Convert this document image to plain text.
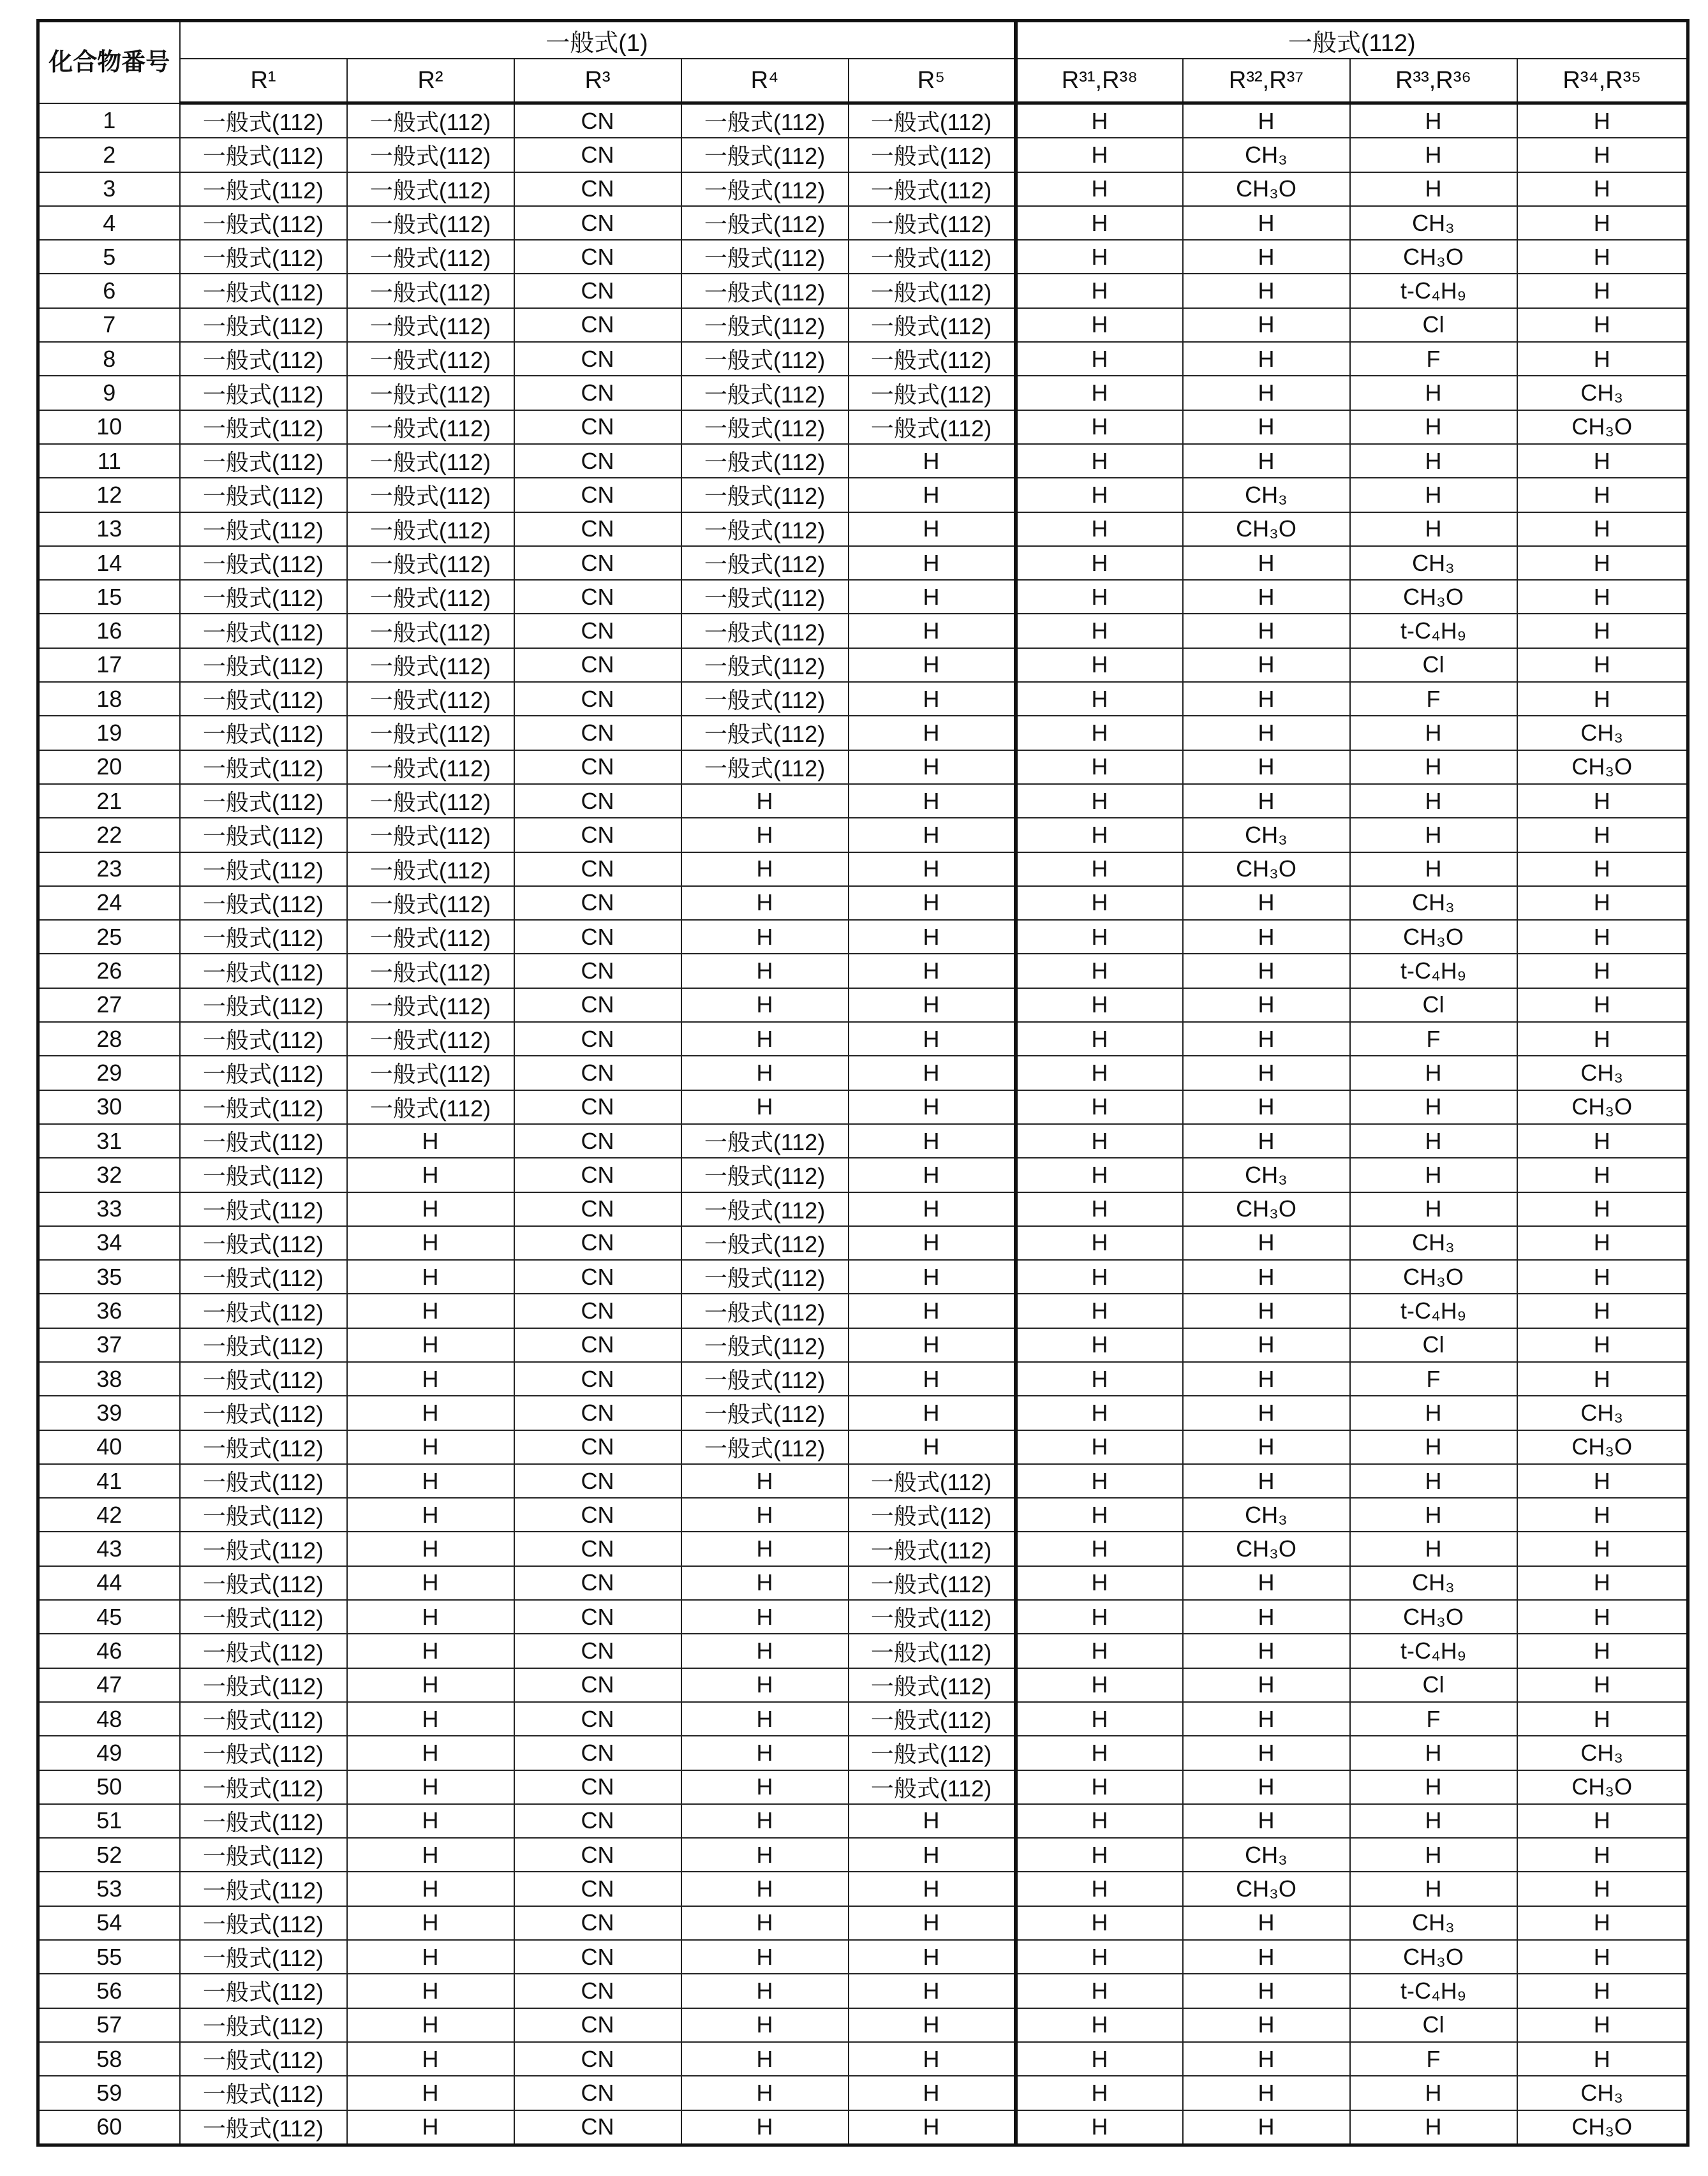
化合物番号	一般式(1)	一般式(112)
R¹	R²	R³	R⁴	R⁵	R³¹,R³⁸	R³²,R³⁷	R³³,R³⁶	R³⁴,R³⁵
1	一般式(112)	一般式(112)	CN	一般式(112)	一般式(112)	H	H	H	H
2	一般式(112)	一般式(112)	CN	一般式(112)	一般式(112)	H	CH₃	H	H
3	一般式(112)	一般式(112)	CN	一般式(112)	一般式(112)	H	CH₃O	H	H
4	一般式(112)	一般式(112)	CN	一般式(112)	一般式(112)	H	H	CH₃	H
5	一般式(112)	一般式(112)	CN	一般式(112)	一般式(112)	H	H	CH₃O	H
6	一般式(112)	一般式(112)	CN	一般式(112)	一般式(112)	H	H	t-C₄H₉	H
7	一般式(112)	一般式(112)	CN	一般式(112)	一般式(112)	H	H	Cl	H
8	一般式(112)	一般式(112)	CN	一般式(112)	一般式(112)	H	H	F	H
9	一般式(112)	一般式(112)	CN	一般式(112)	一般式(112)	H	H	H	CH₃
10	一般式(112)	一般式(112)	CN	一般式(112)	一般式(112)	H	H	H	CH₃O
11	一般式(112)	一般式(112)	CN	一般式(112)	H	H	H	H	H
12	一般式(112)	一般式(112)	CN	一般式(112)	H	H	CH₃	H	H
13	一般式(112)	一般式(112)	CN	一般式(112)	H	H	CH₃O	H	H
14	一般式(112)	一般式(112)	CN	一般式(112)	H	H	H	CH₃	H
15	一般式(112)	一般式(112)	CN	一般式(112)	H	H	H	CH₃O	H
16	一般式(112)	一般式(112)	CN	一般式(112)	H	H	H	t-C₄H₉	H
17	一般式(112)	一般式(112)	CN	一般式(112)	H	H	H	Cl	H
18	一般式(112)	一般式(112)	CN	一般式(112)	H	H	H	F	H
19	一般式(112)	一般式(112)	CN	一般式(112)	H	H	H	H	CH₃
20	一般式(112)	一般式(112)	CN	一般式(112)	H	H	H	H	CH₃O
21	一般式(112)	一般式(112)	CN	H	H	H	H	H	H
22	一般式(112)	一般式(112)	CN	H	H	H	CH₃	H	H
23	一般式(112)	一般式(112)	CN	H	H	H	CH₃O	H	H
24	一般式(112)	一般式(112)	CN	H	H	H	H	CH₃	H
25	一般式(112)	一般式(112)	CN	H	H	H	H	CH₃O	H
26	一般式(112)	一般式(112)	CN	H	H	H	H	t-C₄H₉	H
27	一般式(112)	一般式(112)	CN	H	H	H	H	Cl	H
28	一般式(112)	一般式(112)	CN	H	H	H	H	F	H
29	一般式(112)	一般式(112)	CN	H	H	H	H	H	CH₃
30	一般式(112)	一般式(112)	CN	H	H	H	H	H	CH₃O
31	一般式(112)	H	CN	一般式(112)	H	H	H	H	H
32	一般式(112)	H	CN	一般式(112)	H	H	CH₃	H	H
33	一般式(112)	H	CN	一般式(112)	H	H	CH₃O	H	H
34	一般式(112)	H	CN	一般式(112)	H	H	H	CH₃	H
35	一般式(112)	H	CN	一般式(112)	H	H	H	CH₃O	H
36	一般式(112)	H	CN	一般式(112)	H	H	H	t-C₄H₉	H
37	一般式(112)	H	CN	一般式(112)	H	H	H	Cl	H
38	一般式(112)	H	CN	一般式(112)	H	H	H	F	H
39	一般式(112)	H	CN	一般式(112)	H	H	H	H	CH₃
40	一般式(112)	H	CN	一般式(112)	H	H	H	H	CH₃O
41	一般式(112)	H	CN	H	一般式(112)	H	H	H	H
42	一般式(112)	H	CN	H	一般式(112)	H	CH₃	H	H
43	一般式(112)	H	CN	H	一般式(112)	H	CH₃O	H	H
44	一般式(112)	H	CN	H	一般式(112)	H	H	CH₃	H
45	一般式(112)	H	CN	H	一般式(112)	H	H	CH₃O	H
46	一般式(112)	H	CN	H	一般式(112)	H	H	t-C₄H₉	H
47	一般式(112)	H	CN	H	一般式(112)	H	H	Cl	H
48	一般式(112)	H	CN	H	一般式(112)	H	H	F	H
49	一般式(112)	H	CN	H	一般式(112)	H	H	H	CH₃
50	一般式(112)	H	CN	H	一般式(112)	H	H	H	CH₃O
51	一般式(112)	H	CN	H	H	H	H	H	H
52	一般式(112)	H	CN	H	H	H	CH₃	H	H
53	一般式(112)	H	CN	H	H	H	CH₃O	H	H
54	一般式(112)	H	CN	H	H	H	H	CH₃	H
55	一般式(112)	H	CN	H	H	H	H	CH₃O	H
56	一般式(112)	H	CN	H	H	H	H	t-C₄H₉	H
57	一般式(112)	H	CN	H	H	H	H	Cl	H
58	一般式(112)	H	CN	H	H	H	H	F	H
59	一般式(112)	H	CN	H	H	H	H	H	CH₃
60	一般式(112)	H	CN	H	H	H	H	H	CH₃O
